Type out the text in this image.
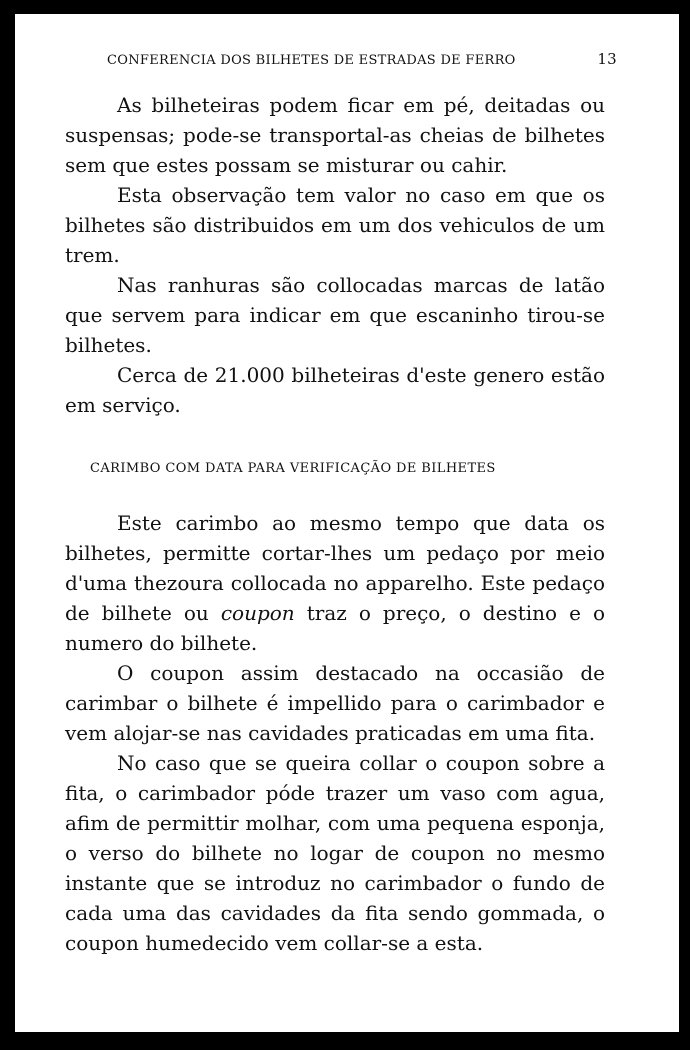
CONFERENCIA DOS BILHETES DE ESTRADAS DE FERRO	13

As bilheteiras podem ficar em pé, deitadas ou suspensas; pode-se transportal-as cheias de bilhetes sem que estes possam se misturar ou cahir.

Esta observação tem valor no caso em que os bilhetes são distribuidos em um dos vehiculos de um trem.

Nas ranhuras são collocadas marcas de latão que servem para indicar em que escaninho tirou-se bilhetes.

Cerca de 21.000 bilheteiras d'este genero estão em serviço.

CARIMBO COM DATA PARA VERIFICAÇÃO DE BILHETES

Este carimbo ao mesmo tempo que data os bilhetes, permitte cortar-lhes um pedaço por meio d'uma thezoura collocada no apparelho. Este pedaço de bilhete ou coupon traz o preço, o destino e o numero do bilhete.

O coupon assim destacado na occasião de carimbar o bilhete é impellido para o carimbador e vem alojar-se nas cavidades praticadas em uma fita.

No caso que se queira collar o coupon sobre a fita, o carimbador póde trazer um vaso com agua, afim de permittir molhar, com uma pequena esponja, o verso do bilhete no logar de coupon no mesmo instante que se introduz no carimbador o fundo de cada uma das cavidades da fita sendo gommada, o coupon humedecido vem collar-se a esta.
